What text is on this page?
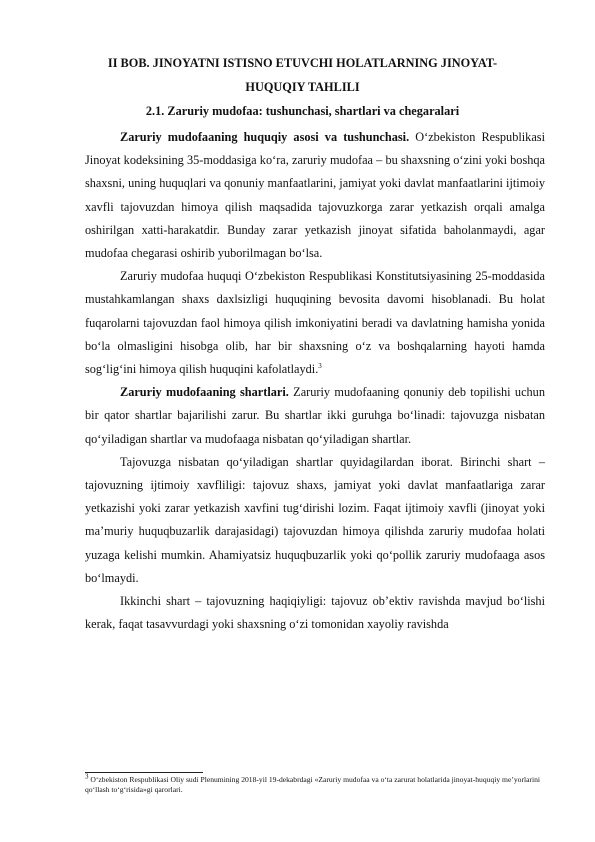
II BOB. JINOYATNI ISTISNO ETUVCHI HOLATLARNING JINOYAT-
HUQUQIY TAHLILI
2.1. Zaruriy mudofaa: tushunchasi, shartlari va chegaralari

Zaruriy mudofaaning huquqiy asosi va tushunchasi. O‘zbekiston Respublikasi Jinoyat kodeksining 35-moddasiga ko‘ra, zaruriy mudofaa – bu shaxsning o‘zini yoki boshqa shaxsni, uning huquqlari va qonuniy manfaatlarini, jamiyat yoki davlat manfaatlarini ijtimoiy xavfli tajovuzdan himoya qilish maqsadida tajovuzkorga zarar yetkazish orqali amalga oshirilgan xatti-harakatdir. Bunday zarar yetkazish jinoyat sifatida baholanmaydi, agar mudofaa chegarasi oshirib yuborilmagan bo‘lsa.

Zaruriy mudofaa huquqi O‘zbekiston Respublikasi Konstitutsiyasining 25-moddasida mustahkamlangan shaxs daxlsizligi huquqining bevosita davomi hisoblanadi. Bu holat fuqarolarni tajovuzdan faol himoya qilish imkoniyatini beradi va davlatning hamisha yonida bo‘la olmasligini hisobga olib, har bir shaxsning o‘z va boshqalarning hayoti hamda sog‘lig‘ini himoya qilish huquqini kafolatlaydi.$^3$

Zaruriy mudofaaning shartlari. Zaruriy mudofaaning qonuniy deb topilishi uchun bir qator shartlar bajarilishi zarur. Bu shartlar ikki guruhga bo‘linadi: tajovuzga nisbatan qo‘yiladigan shartlar va mudofaaga nisbatan qo‘yiladigan shartlar.

Tajovuzga nisbatan qo‘yiladigan shartlar quyidagilardan iborat. Birinchi shart – tajovuzning ijtimoiy xavfliligi: tajovuz shaxs, jamiyat yoki davlat manfaatlariga zarar yetkazishi yoki zarar yetkazish xavfini tug‘dirishi lozim. Faqat ijtimoiy xavfli (jinoyat yoki ma’muriy huquqbuzarlik darajasidagi) tajovuzdan himoya qilishda zaruriy mudofaa holati yuzaga kelishi mumkin. Ahamiyatsiz huquqbuzarlik yoki qo‘pollik zaruriy mudofaaga asos bo‘lmaydi.

Ikkinchi shart – tajovuzning haqiqiyligi: tajovuz ob’ektiv ravishda mavjud bo‘lishi kerak, faqat tasavvurdagi yoki shaxsning o‘zi tomonidan xayoliy ravishda

$^3$ O‘zbekiston Respublikasi Oliy sudi Plenumining 2018-yil 19-dekabrdagi «Zaruriy mudofaa va o‘ta zarurat holatlarida jinoyat-huquqiy me’yorlarini qo‘llash to‘g‘risida»gi qarorlari.
